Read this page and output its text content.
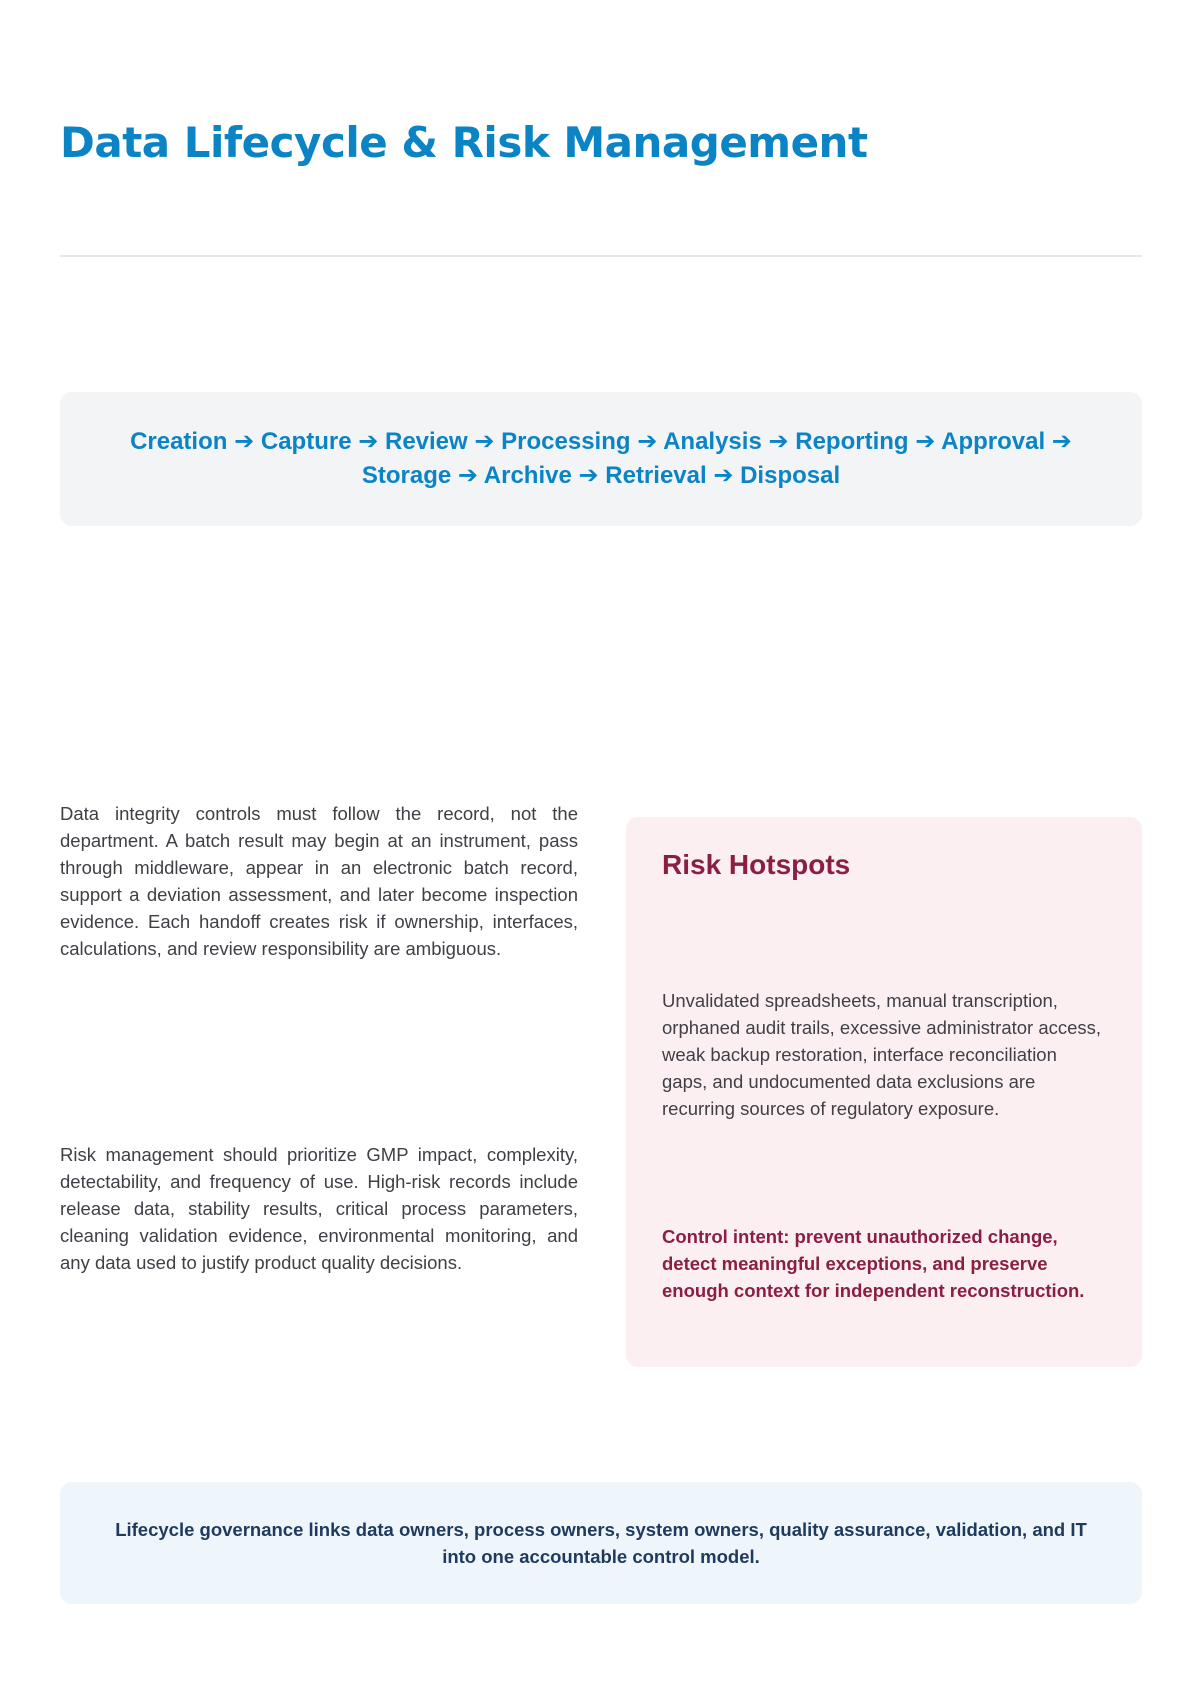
Data Lifecycle & Risk Management

Creation ➔ Capture ➔ Review ➔ Processing ➔ Analysis ➔ Reporting ➔ Approval ➔ Storage ➔ Archive ➔ Retrieval ➔ Disposal

Data integrity controls must follow the record, not the department. A batch result may begin at an instrument, pass through middleware, appear in an electronic batch record, support a deviation assessment, and later become inspection evidence. Each handoff creates risk if ownership, interfaces, calculations, and review responsibility are ambiguous.

Risk management should prioritize GMP impact, complexity, detectability, and frequency of use. High-risk records include release data, stability results, critical process parameters, cleaning validation evidence, environmental monitoring, and any data used to justify product quality decisions.

Risk Hotspots

Unvalidated spreadsheets, manual transcription, orphaned audit trails, excessive administrator access, weak backup restoration, interface reconciliation gaps, and undocumented data exclusions are recurring sources of regulatory exposure.

Control intent: prevent unauthorized change, detect meaningful exceptions, and preserve enough context for independent reconstruction.

Lifecycle governance links data owners, process owners, system owners, quality assurance, validation, and IT into one accountable control model.
